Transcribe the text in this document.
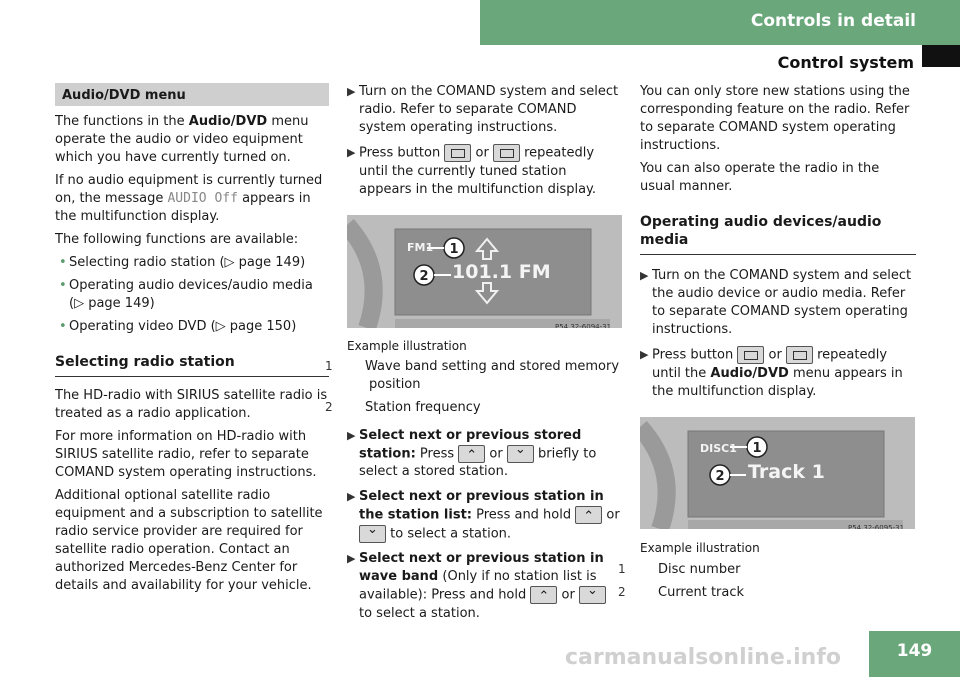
Controls in detail
Control system
Audio/DVD menu

The functions in the Audio/DVD menu operate the audio or video equipment which you have currently turned on.

If no audio equipment is currently turned on, the message AUDIO Off appears in the multifunction display.

The following functions are available:

• Selecting radio station (▷ page 149)

• Operating audio devices/audio media (▷ page 149)

• Operating video DVD (▷ page 150)

Selecting radio station

The HD-radio with SIRIUS satellite radio is treated as a radio application.

For more information on HD-radio with SIRIUS satellite radio, refer to separate COMAND system operating instructions.

Additional optional satellite radio equipment and a subscription to satellite radio service provider are required for satellite radio operation. Contact an authorized Mercedes-Benz Center for details and availability for your vehicle.

▶ Turn on the COMAND system and select radio. Refer to separate COMAND system operating instructions.
▶ Press button	or	repeatedly until the currently tuned station appears in the multifunction display.
1
2
FM1
101.1 FM
P54.32-6094-31
Example illustration
1 Wave band setting and stored memory position
2 Station frequency
▶ Select next or previous stored station: Press ⌃	or ⌄	briefly to select a stored station.
▶ Select next or previous station in the station list: Press and hold ⌃	or ⌄ to select a station.
▶ Select next or previous station in wave band (Only if no station list is available): Press and hold ⌃	or ⌄ to select a station.

You can only store new stations using the corresponding feature on the radio. Refer to separate COMAND system operating instructions.

You can also operate the radio in the usual manner.

Operating audio devices/audio media
▶ Turn on the COMAND system and select the audio device or audio media. Refer to separate COMAND system operating instructions.
▶ Press button	or	repeatedly until the Audio/DVD menu appears in the multifunction display.
1
2
DISC1
Track 1
P54.32-6095-31
Example illustration
1 Disc number
2 Current track
carmanualsonline.info	149
